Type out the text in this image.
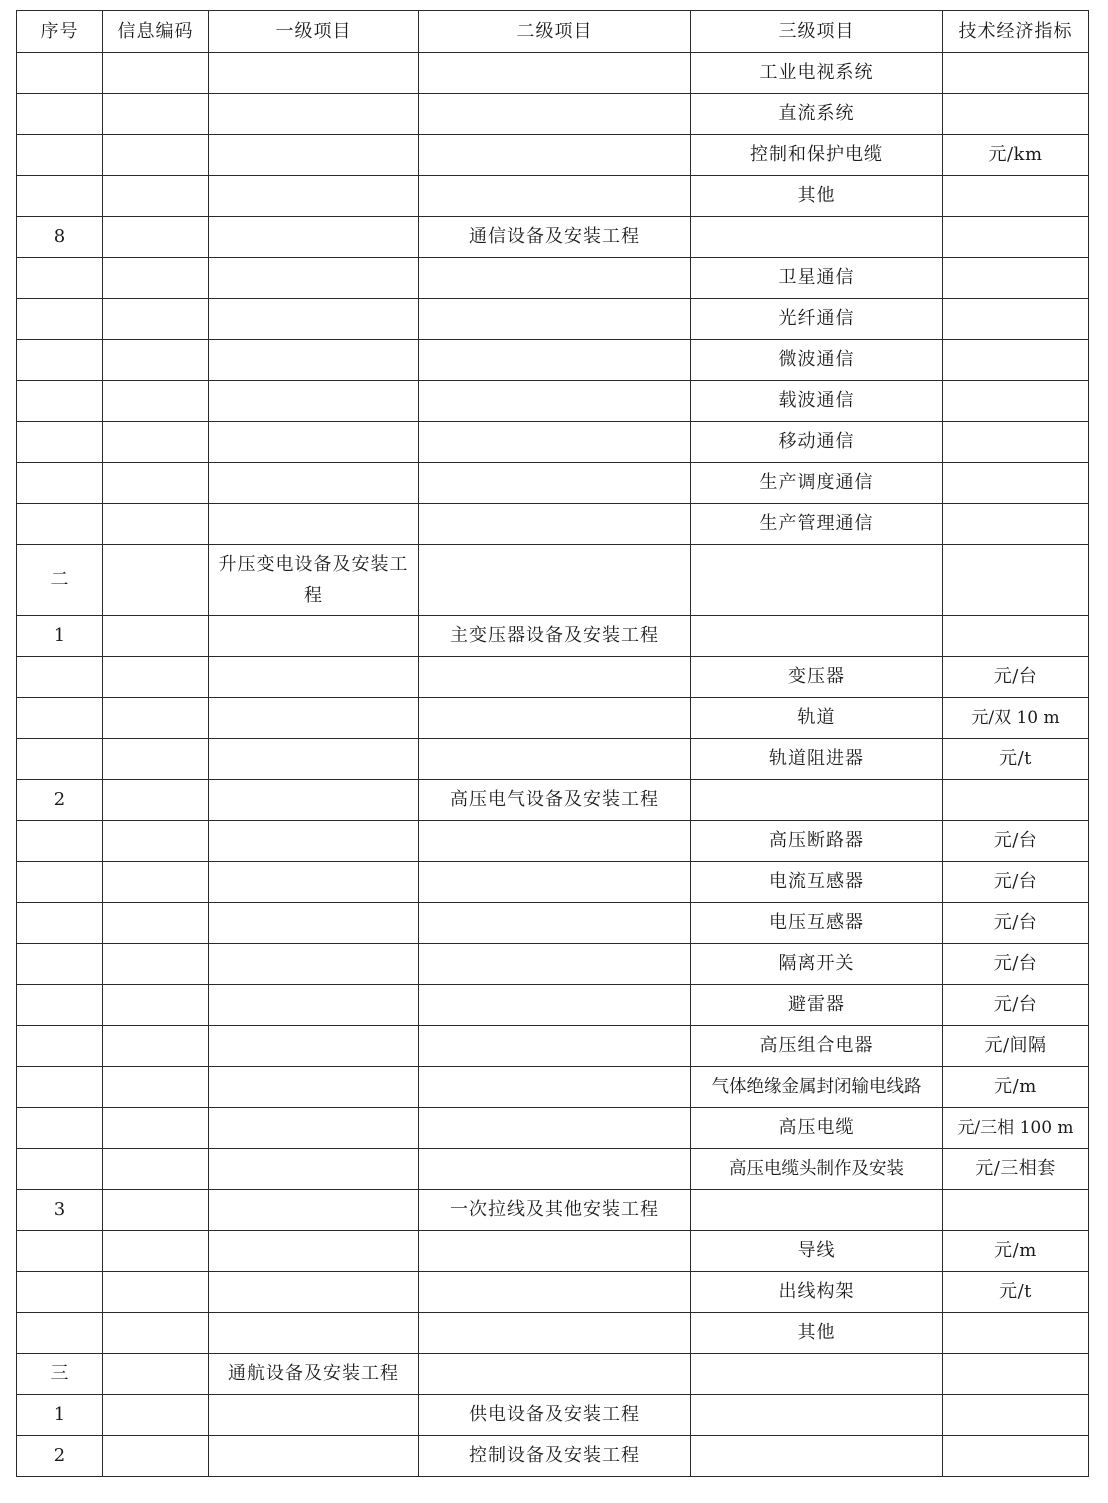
序号	信息编码	一级项目	二级项目	三级项目	技术经济指标
				工业电视系统	
				直流系统	
				控制和保护电缆	元/km
				其他	
8			通信设备及安装工程		
				卫星通信	
				光纤通信	
				微波通信	
				载波通信	
				移动通信	
				生产调度通信	
				生产管理通信	
二		升压变电设备及安装工程			
1			主变压器设备及安装工程		
				变压器	元/台
				轨道	元/双 10 m
				轨道阻进器	元/t
2			高压电气设备及安装工程		
				高压断路器	元/台
				电流互感器	元/台
				电压互感器	元/台
				隔离开关	元/台
				避雷器	元/台
				高压组合电器	元/间隔
				气体绝缘金属封闭输电线路	元/m
				高压电缆	元/三相 100 m
				高压电缆头制作及安装	元/三相套
3			一次拉线及其他安装工程		
				导线	元/m
				出线构架	元/t
				其他	
三		通航设备及安装工程			
1			供电设备及安装工程		
2			控制设备及安装工程		
